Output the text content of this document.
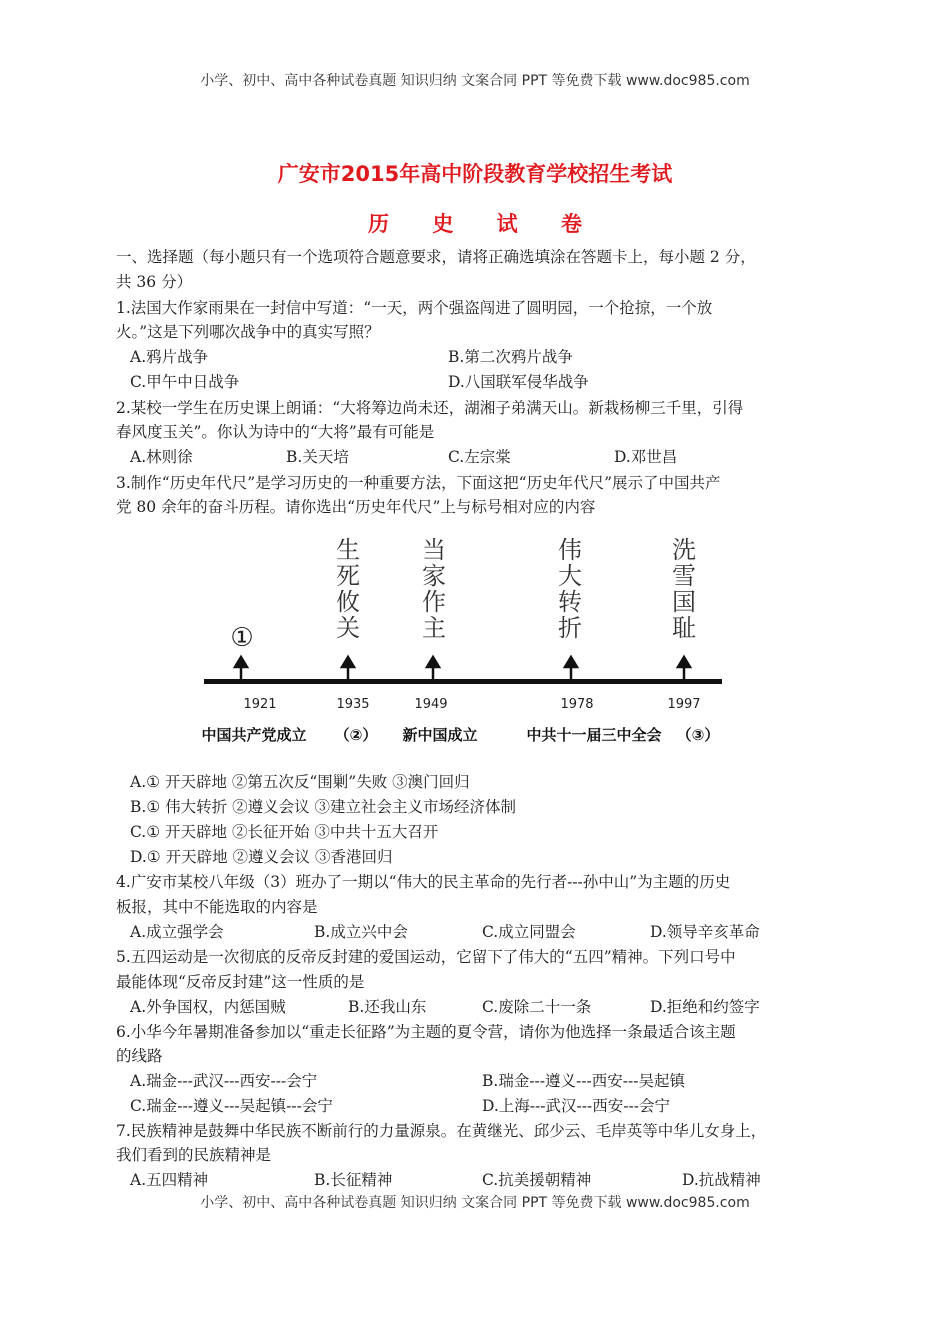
小学、初中、高中各种试卷真题 知识归纳 文案合同 PPT 等免费下载 www.doc985.com
广安市2015年高中阶段教育学校招生考试
历 史 试 卷
一、选择题（每小题只有一个选项符合题意要求，请将正确选填涂在答题卡上，每小题 2 分，
共 36 分）
1.法国大作家雨果在一封信中写道：“一天，两个强盗闯进了圆明园，一个抢掠，一个放
火。”这是下列哪次战争中的真实写照？
A.鸦片战争	B.第二次鸦片战争
C.甲午中日战争	D.八国联军侵华战争
2.某校一学生在历史课上朗诵：“大将筹边尚未还，湖湘子弟满天山。新栽杨柳三千里，引得
春风度玉关”。你认为诗中的“大将”最有可能是
A.林则徐	B.关天培	C.左宗棠	D.邓世昌
3.制作“历史年代尺”是学习历史的一种重要方法，下面这把“历史年代尺”展示了中国共产
党 80 余年的奋斗历程。请你选出“历史年代尺”上与标号相对应的内容
①
生死攸关
当家作主
伟大转折
洗雪国耻
1921	1935	1949	1978	1997
中国共产党成立 （②） 新中国成立	中共十一届三中全会 （③）
A.① 开天辟地 ②第五次反“围剿”失败 ③澳门回归
B.① 伟大转折 ②遵义会议 ③建立社会主义市场经济体制
C.① 开天辟地 ②长征开始 ③中共十五大召开
D.① 开天辟地 ②遵义会议 ③香港回归
4.广安市某校八年级（3）班办了一期以“伟大的民主革命的先行者---孙中山”为主题的历史
板报，其中不能选取的内容是
A.成立强学会	B.成立兴中会	C.成立同盟会	D.领导辛亥革命
5.五四运动是一次彻底的反帝反封建的爱国运动，它留下了伟大的“五四”精神。下列口号中
最能体现“反帝反封建”这一性质的是
A.外争国权，内惩国贼	B.还我山东	C.废除二十一条	D.拒绝和约签字
6.小华今年暑期准备参加以“重走长征路”为主题的夏令营，请你为他选择一条最适合该主题
的线路
A.瑞金---武汉---西安---会宁	B.瑞金---遵义---西安---吴起镇
C.瑞金---遵义---吴起镇---会宁	D.上海---武汉---西安---会宁
7.民族精神是鼓舞中华民族不断前行的力量源泉。在黄继光、邱少云、毛岸英等中华儿女身上，
我们看到的民族精神是
A.五四精神	B.长征精神	C.抗美援朝精神	D.抗战精神
小学、初中、高中各种试卷真题 知识归纳 文案合同 PPT 等免费下载 www.doc985.com
